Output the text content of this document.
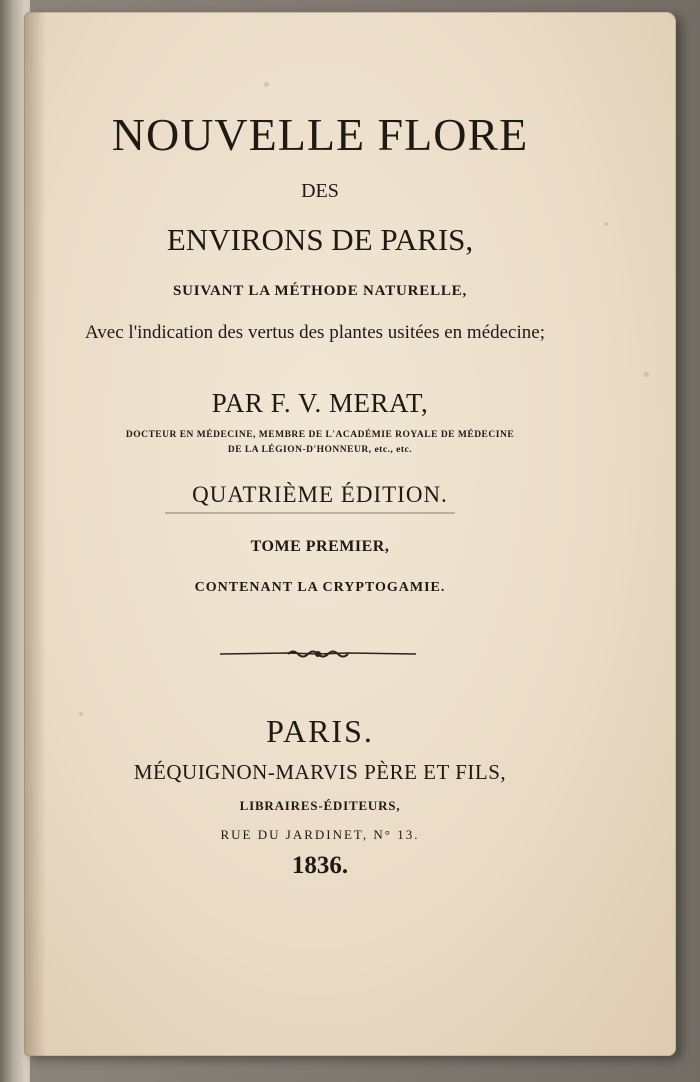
NOUVELLE FLORE
DES
ENVIRONS DE PARIS,
SUIVANT LA MÉTHODE NATURELLE,
Avec l'indication des vertus des plantes usitées en médecine;
PAR F. V. MERAT,
DOCTEUR EN MÉDECINE, MEMBRE DE L'ACADÉMIE ROYALE DE MÉDECINE
DE LA LÉGION-D'HONNEUR, etc., etc.
QUATRIÈME ÉDITION.
TOME PREMIER,
CONTENANT LA CRYPTOGAMIE.
PARIS.
MÉQUIGNON-MARVIS PÈRE ET FILS,
LIBRAIRES-ÉDITEURS,
RUE DU JARDINET, N° 13.
1836.
